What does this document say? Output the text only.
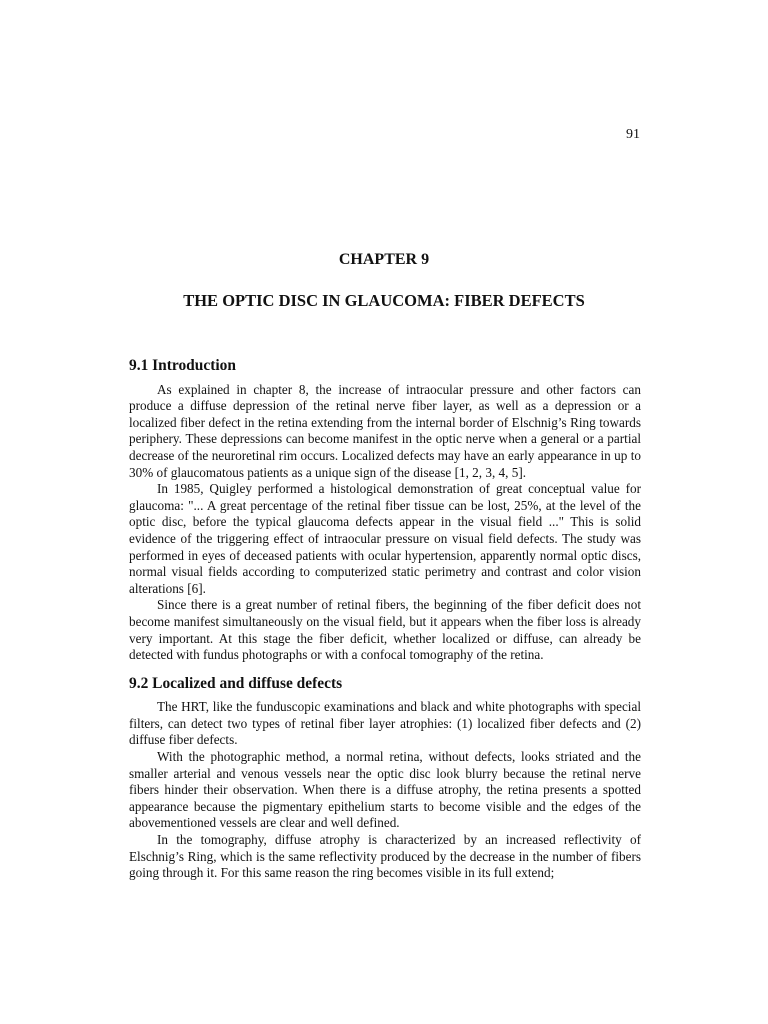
91
CHAPTER 9
THE OPTIC DISC IN GLAUCOMA: FIBER DEFECTS
9.1 Introduction

As explained in chapter 8, the increase of intraocular pressure and other factors can produce a diffuse depression of the retinal nerve fiber layer, as well as a depression or a localized fiber defect in the retina extending from the internal border of Elschnig’s Ring towards periphery. These depressions can become manifest in the optic nerve when a general or a partial decrease of the neuroretinal rim occurs. Localized defects may have an early appearance in up to 30% of glaucomatous patients as a unique sign of the disease [1, 2, 3, 4, 5].

In 1985, Quigley performed a histological demonstration of great conceptual value for glaucoma: "... A great percentage of the retinal fiber tissue can be lost, 25%, at the level of the optic disc, before the typical glaucoma defects appear in the visual field ..." This is solid evidence of the triggering effect of intraocular pressure on visual field defects. The study was performed in eyes of deceased patients with ocular hypertension, apparently normal optic discs, normal visual fields according to computerized static perimetry and contrast and color vision alterations [6].

Since there is a great number of retinal fibers, the beginning of the fiber deficit does not become manifest simultaneously on the visual field, but it appears when the fiber loss is already very important. At this stage the fiber deficit, whether localized or diffuse, can already be detected with fundus photographs or with a confocal tomography of the retina.

9.2 Localized and diffuse defects

The HRT, like the funduscopic examinations and black and white photographs with special filters, can detect two types of retinal fiber layer atrophies: (1) localized fiber defects and (2) diffuse fiber defects.

With the photographic method, a normal retina, without defects, looks striated and the smaller arterial and venous vessels near the optic disc look blurry because the retinal nerve fibers hinder their observation. When there is a diffuse atrophy, the retina presents a spotted appearance because the pigmentary epithelium starts to become visible and the edges of the abovementioned vessels are clear and well defined.

In the tomography, diffuse atrophy is characterized by an increased reflectivity of Elschnig’s Ring, which is the same reflectivity produced by the decrease in the number of fibers going through it. For this same reason the ring becomes visible in its full extend;
